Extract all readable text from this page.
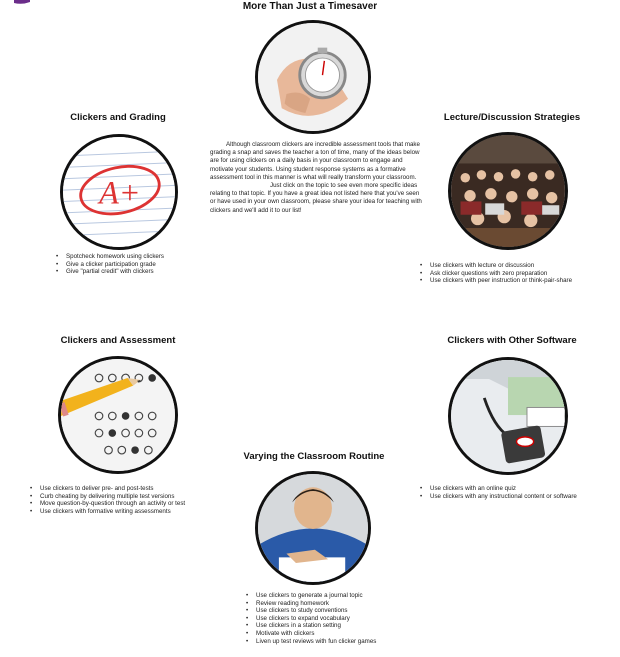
More Than Just a Timesaver
Clickers and Grading
A+
• Spotcheck homework using clickers
• Give a clicker participation grade
• Give "partial credit" with clickers
Although classroom clickers are incredible assessment tools that make grading a snap and saves the teacher a ton of time, many of the ideas below are for using clickers on a daily basis in your classroom to engage and motivate your students. Using student response systems as a formative assessment tool in this manner is what will really transform your classroom.
Just click on the topic to see even more specific ideas relating to that topic. If you have a great idea not listed here that you've seen or have used in your own classroom, please share your idea for teaching with clickers and we'll add it to our list!
Lecture/Discussion Strategies
• Use clickers with lecture or discussion
• Ask clicker questions with zero preparation
• Use clickers with peer instruction or think-pair-share
Clickers and Assessment
• Use clickers to deliver pre- and post-tests
• Curb cheating by delivering multiple test versions
• Move question-by-question through an activity or test
• Use clickers with formative writing assessments
Clickers with Other Software
• Use clickers with an online quiz
• Use clickers with any instructional content or software
Varying the Classroom Routine
• Use clickers to generate a journal topic
• Review reading homework
• Use clickers to study conventions
• Use clickers to expand vocabulary
• Use clickers in a station setting
• Motivate with clickers
• Liven up test reviews with fun clicker games
